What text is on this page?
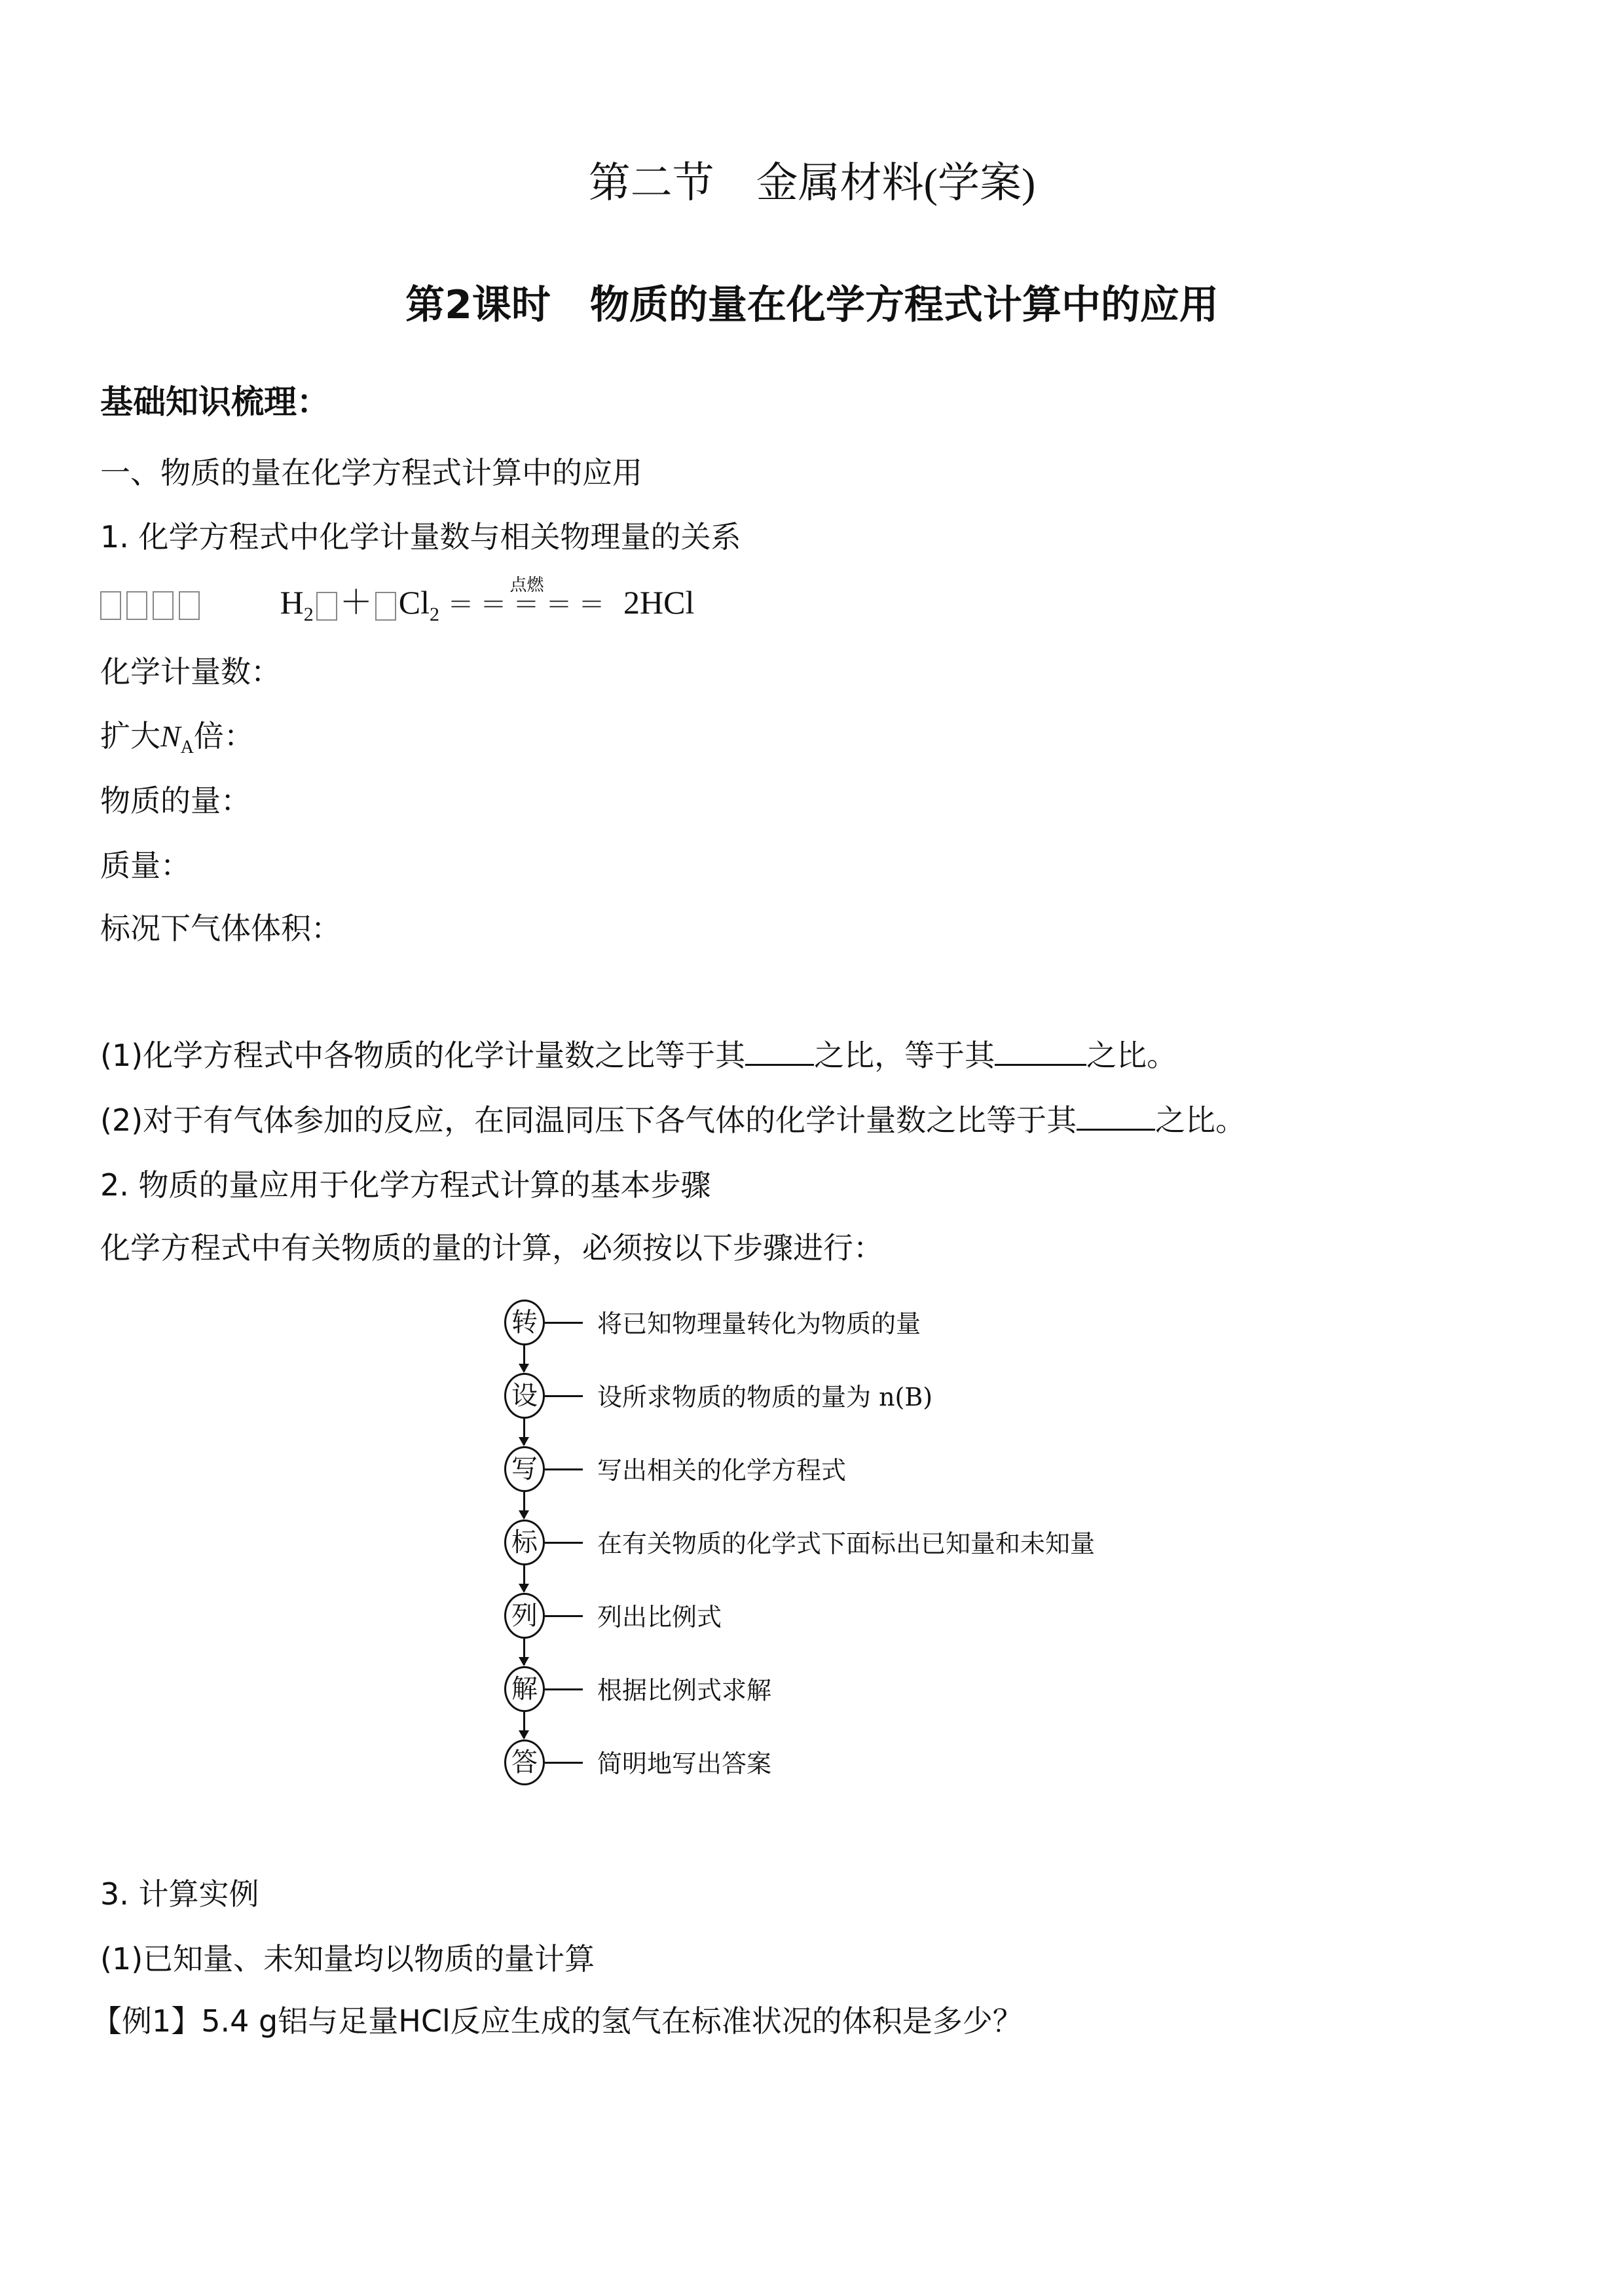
第二节　金属材料(学案)
第2课时　物质的量在化学方程式计算中的应用
基础知识梳理：
一、物质的量在化学方程式计算中的应用
1. 化学方程式中化学计量数与相关物理量的关系
$H_2 + Cl_2$ ＝ ＝ ＝ ＝ ＝
点燃 2HCl
化学计量数：
扩大$N_A$倍：
物质的量：
质量：
标况下气体体积：
(1)化学方程式中各物质的化学计量数之比等于其 之比，等于其	之比。
(2)对于有气体参加的反应，在同温同压下各气体的化学计量数之比等于其	之比。
2. 物质的量应用于化学方程式计算的基本步骤
化学方程式中有关物质的量的计算，必须按以下步骤进行：
转 将已知物理量转化为物质的量
设 设所求物质的物质的量为 n(B)
写 写出相关的化学方程式
标 在有关物质的化学式下面标出已知量和未知量
列 列出比例式
解 根据比例式求解
答 简明地写出答案
3. 计算实例
(1)已知量、未知量均以物质的量计算
【例1】5.4 g铝与足量HCl反应生成的氢气在标准状况的体积是多少？
